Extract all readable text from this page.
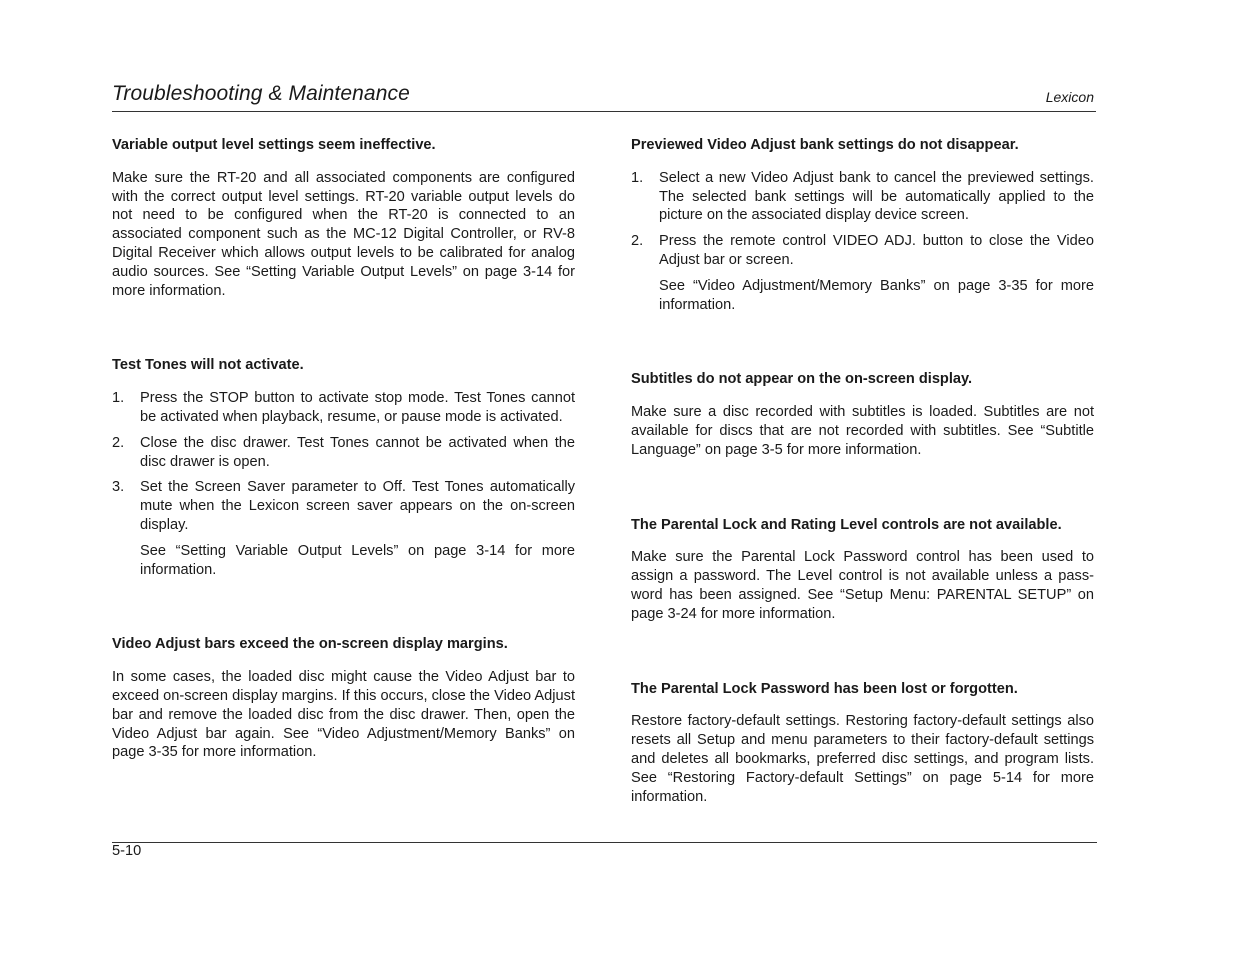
Troubleshooting & Maintenance	Lexicon
Variable output level settings seem ineffective.

Make sure the RT-20 and all associated components are configured with the correct output level settings. RT-20 variable output levels do not need to be configured when the RT-20 is connected to an associated component such as the MC-12 Digital Controller, or RV-8 Digital Receiver which allows output levels to be calibrated for analog audio sources. See “Setting Variable Output Levels” on page 3-14 for more information.

Test Tones will not activate.
1. Press the STOP button to activate stop mode. Test Tones cannot be activated when playback, resume, or pause mode is activated.
2. Close the disc drawer. Test Tones cannot be activated when the disc drawer is open.
3. Set the Screen Saver parameter to Off. Test Tones automatically mute when the Lexicon screen saver appears on the on-screen display.

See “Setting Variable Output Levels” on page 3-14 for more information.

Video Adjust bars exceed the on-screen display margins.

In some cases, the loaded disc might cause the Video Adjust bar to exceed on-screen display margins. If this occurs, close the Video Adjust bar and remove the loaded disc from the disc drawer. Then, open the Video Adjust bar again. See “Video Adjustment/Memory Banks” on page 3-35 for more information.

Previewed Video Adjust bank settings do not disappear.
1. Select a new Video Adjust bank to cancel the previewed settings. The selected bank settings will be automatically applied to the picture on the associated display device screen.
2. Press the remote control VIDEO ADJ. button to close the Video Adjust bar or screen.

See “Video Adjustment/Memory Banks” on page 3-35 for more information.

Subtitles do not appear on the on-screen display.

Make sure a disc recorded with subtitles is loaded. Subtitles are not available for discs that are not recorded with subtitles. See “Subtitle Language” on page 3-5 for more information.

The Parental Lock and Rating Level controls are not available.

Make sure the Parental Lock Password control has been used to assign a password. The Level control is not available unless a password has been assigned. See “Setup Menu: PARENTAL SETUP” on page 3-24 for more information.

The Parental Lock Password has been lost or forgotten.

Restore factory-default settings. Restoring factory-default settings also resets all Setup and menu parameters to their factory-default settings and deletes all bookmarks, preferred disc settings, and program lists. See “Restoring Factory-default Settings” on page 5-14 for more information.

5-10
